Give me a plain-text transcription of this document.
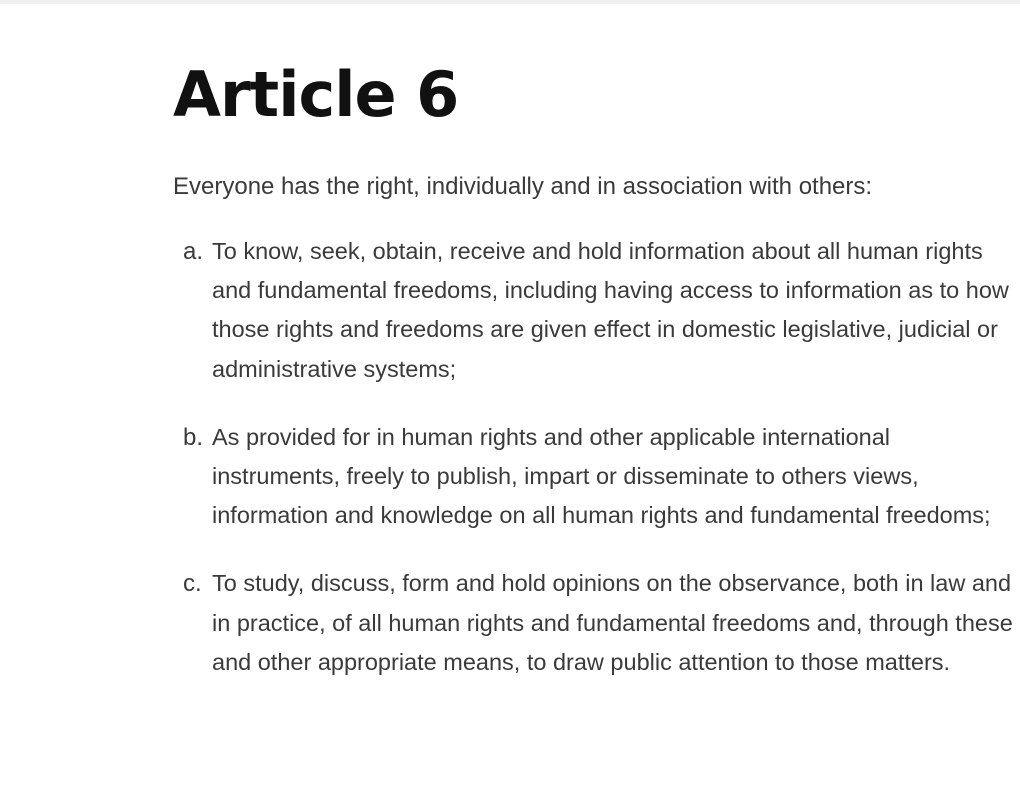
Article 6

Everyone has the right, individually and in association with others:

a. To know, seek, obtain, receive and hold information about all human rights and fundamental freedoms, including having access to information as to how those rights and freedoms are given effect in domestic legislative, judicial or administrative systems;
b. As provided for in human rights and other applicable international instruments, freely to publish, impart or disseminate to others views, information and knowledge on all human rights and fundamental freedoms;
c. To study, discuss, form and hold opinions on the observance, both in law and in practice, of all human rights and fundamental freedoms and, through these and other appropriate means, to draw public attention to those matters.
